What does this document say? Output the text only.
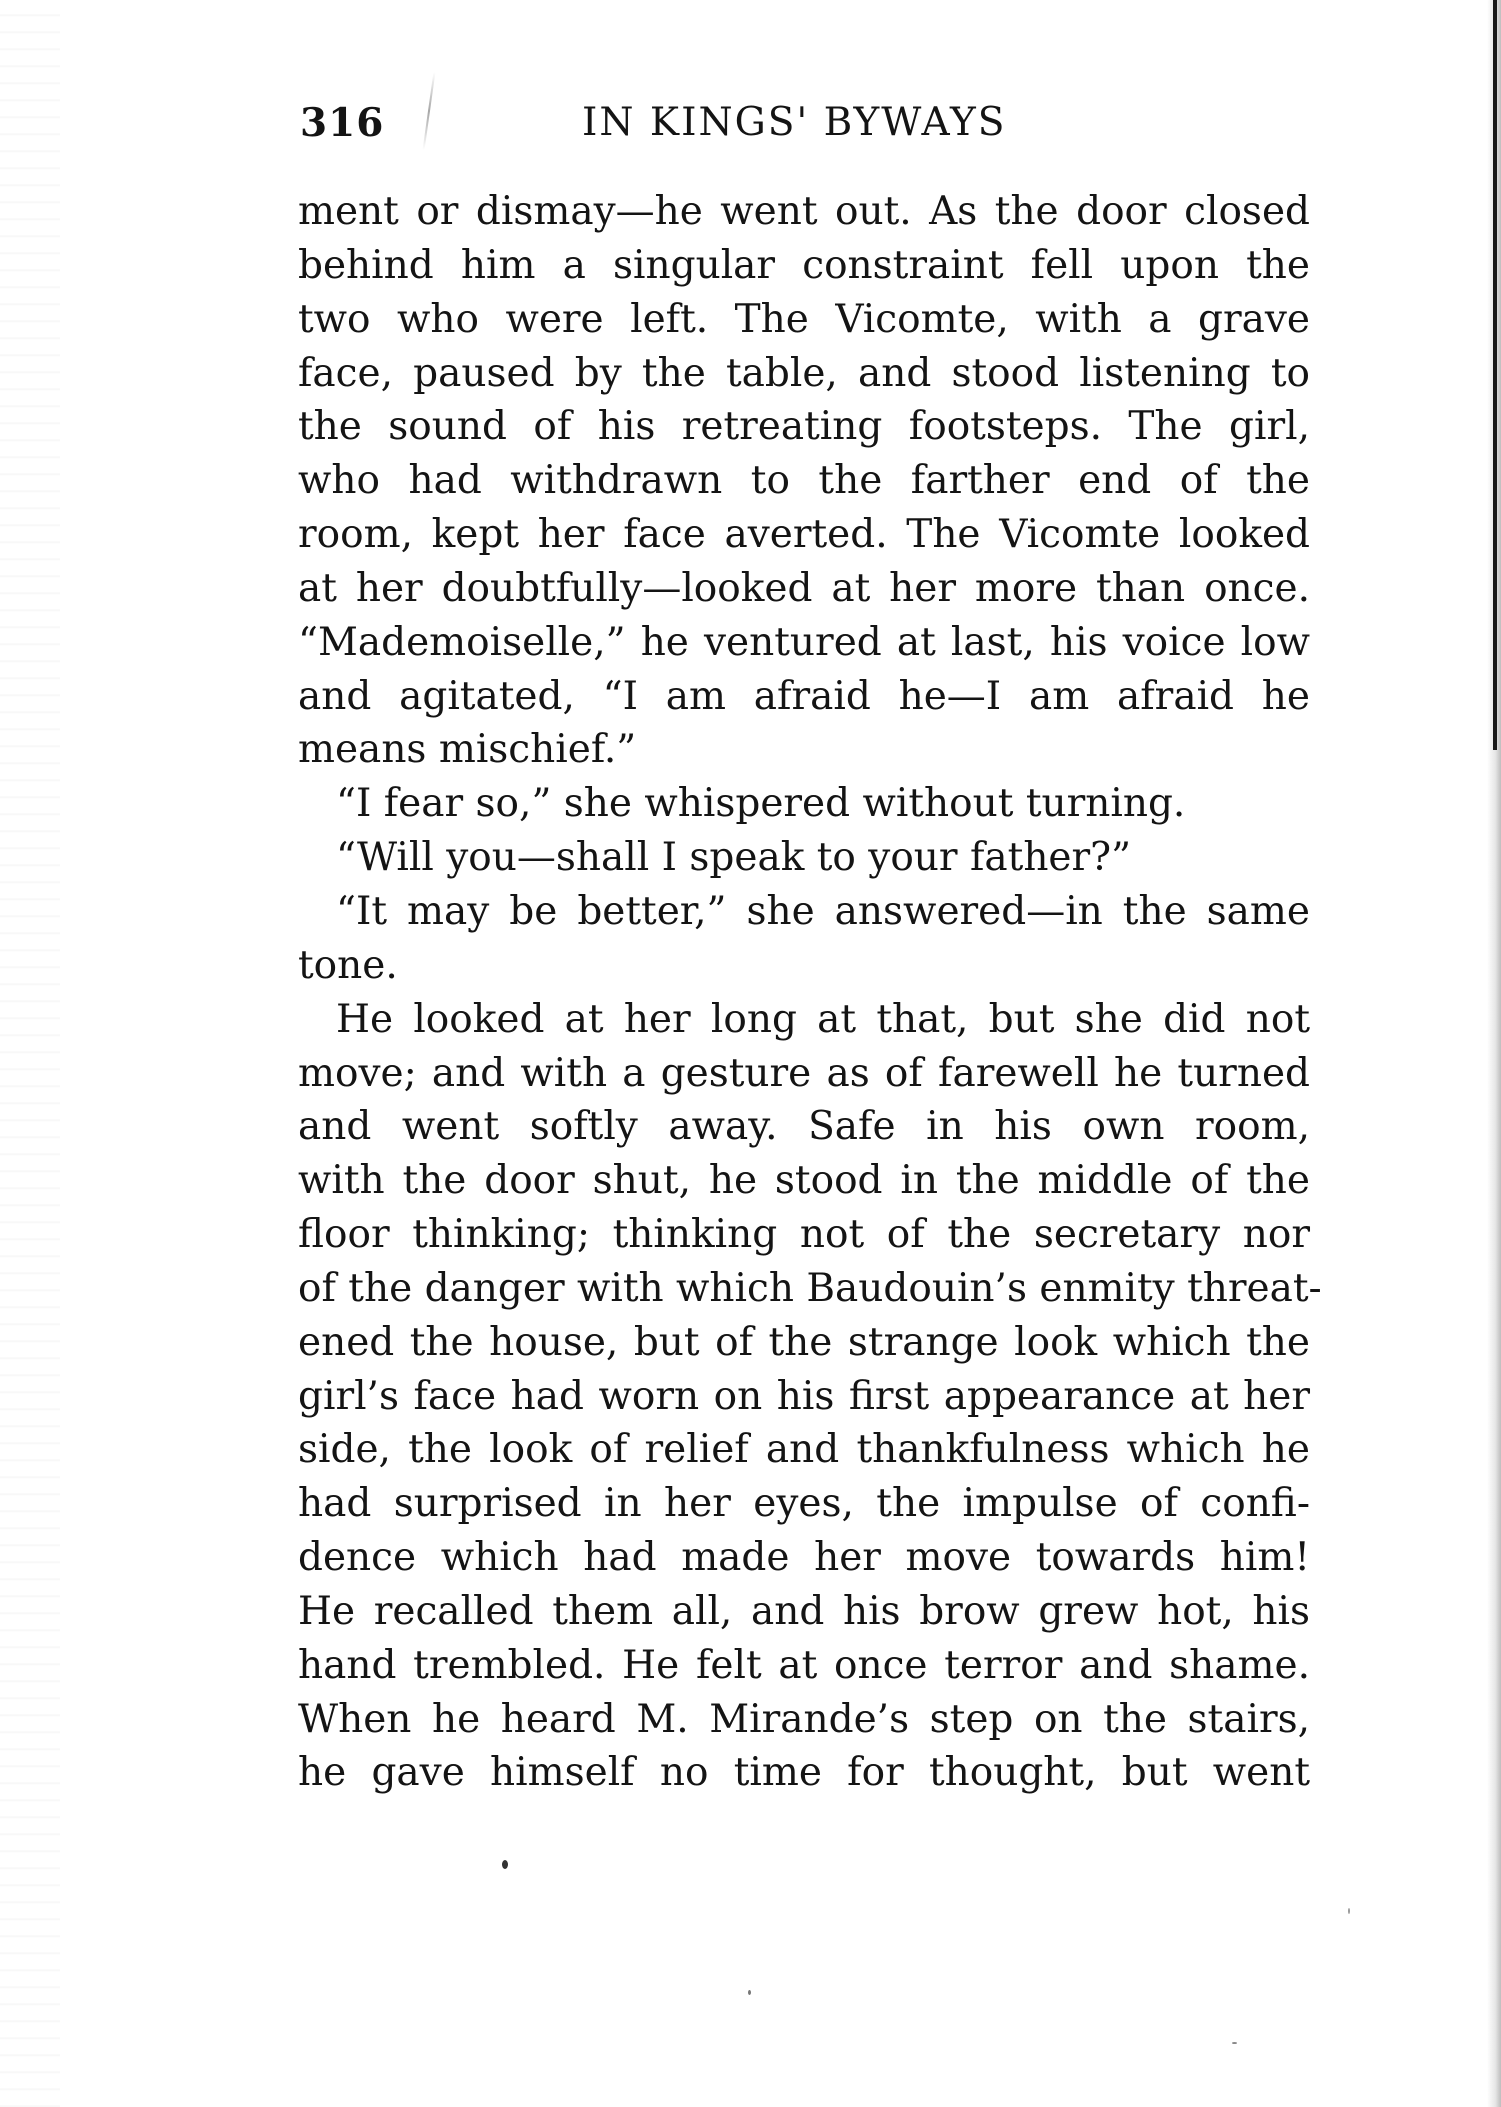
316	IN KINGS' BYWAYS
ment or dismay—he went out. As the door closed
behind him a singular constraint fell upon the
two who were left. The Vicomte, with a grave
face, paused by the table, and stood listening to
the sound of his retreating footsteps. The girl,
who had withdrawn to the farther end of the
room, kept her face averted. The Vicomte looked
at her doubtfully—looked at her more than once.
“Mademoiselle,” he ventured at last, his voice low
and agitated, “I am afraid he—I am afraid he
means mischief.”
“I fear so,” she whispered without turning.
“Will you—shall I speak to your father?”
“It may be better,” she answered—in the same
tone.
He looked at her long at that, but she did not
move; and with a gesture as of farewell he turned
and went softly away. Safe in his own room,
with the door shut, he stood in the middle of the
floor thinking; thinking not of the secretary nor
of the danger with which Baudouin’s enmity threat-
ened the house, but of the strange look which the
girl’s face had worn on his first appearance at her
side, the look of relief and thankfulness which he
had surprised in her eyes, the impulse of confi-
dence which had made her move towards him!
He recalled them all, and his brow grew hot, his
hand trembled. He felt at once terror and shame.
When he heard M. Mirande’s step on the stairs,
he gave himself no time for thought, but went
